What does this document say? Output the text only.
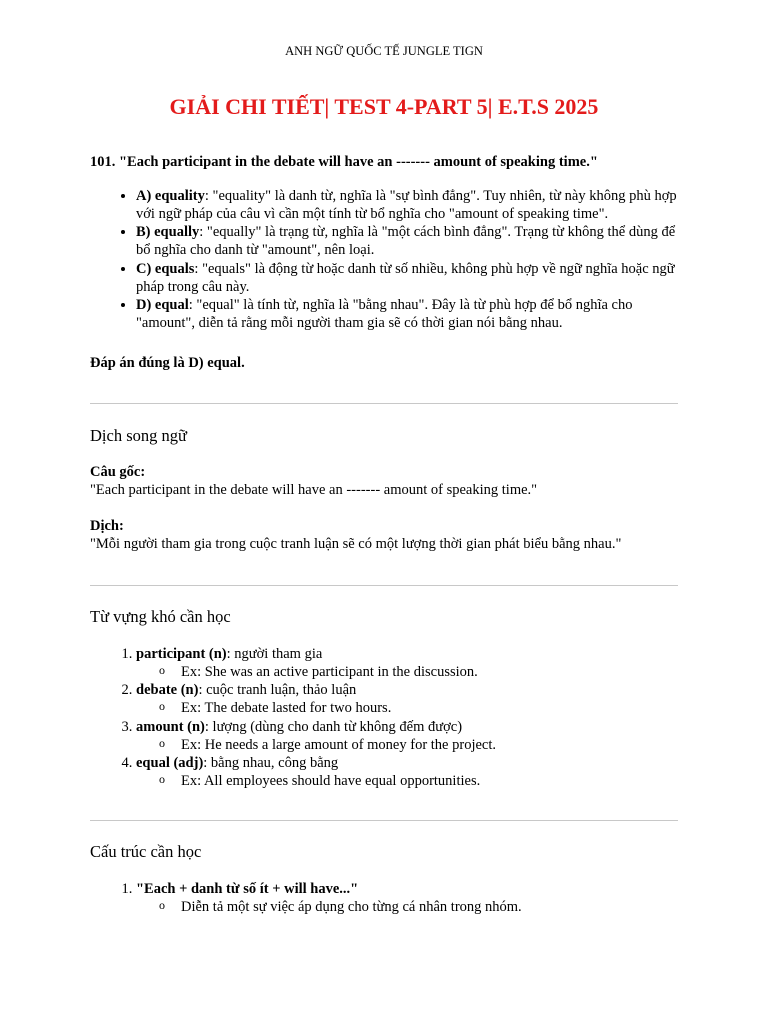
ANH NGỮ QUỐC TẾ JUNGLE TIGN
GIẢI CHI TIẾT| TEST 4-PART 5| E.T.S 2025
101. "Each participant in the debate will have an ------- amount of speaking time."
• A) equality: "equality" là danh từ, nghĩa là "sự bình đẳng". Tuy nhiên, từ này không phù hợp với ngữ pháp của câu vì cần một tính từ bổ nghĩa cho "amount of speaking time".
• B) equally: "equally" là trạng từ, nghĩa là "một cách bình đẳng". Trạng từ không thể dùng để bổ nghĩa cho danh từ "amount", nên loại.
• C) equals: "equals" là động từ hoặc danh từ số nhiều, không phù hợp về ngữ nghĩa hoặc ngữ pháp trong câu này.
• D) equal: "equal" là tính từ, nghĩa là "bằng nhau". Đây là từ phù hợp để bổ nghĩa cho "amount", diễn tả rằng mỗi người tham gia sẽ có thời gian nói bằng nhau.
Đáp án đúng là D) equal.
Dịch song ngữ
Câu gốc:
"Each participant in the debate will have an ------- amount of speaking time."
Dịch:
"Mỗi người tham gia trong cuộc tranh luận sẽ có một lượng thời gian phát biểu bằng nhau."
Từ vựng khó cần học
1. participant (n): người tham gia
o Ex: She was an active participant in the discussion.
2. debate (n): cuộc tranh luận, thảo luận
o Ex: The debate lasted for two hours.
3. amount (n): lượng (dùng cho danh từ không đếm được)
o Ex: He needs a large amount of money for the project.
4. equal (adj): bằng nhau, công bằng
o Ex: All employees should have equal opportunities.
Cấu trúc cần học
1. "Each + danh từ số ít + will have..."
o Diễn tả một sự việc áp dụng cho từng cá nhân trong nhóm.
